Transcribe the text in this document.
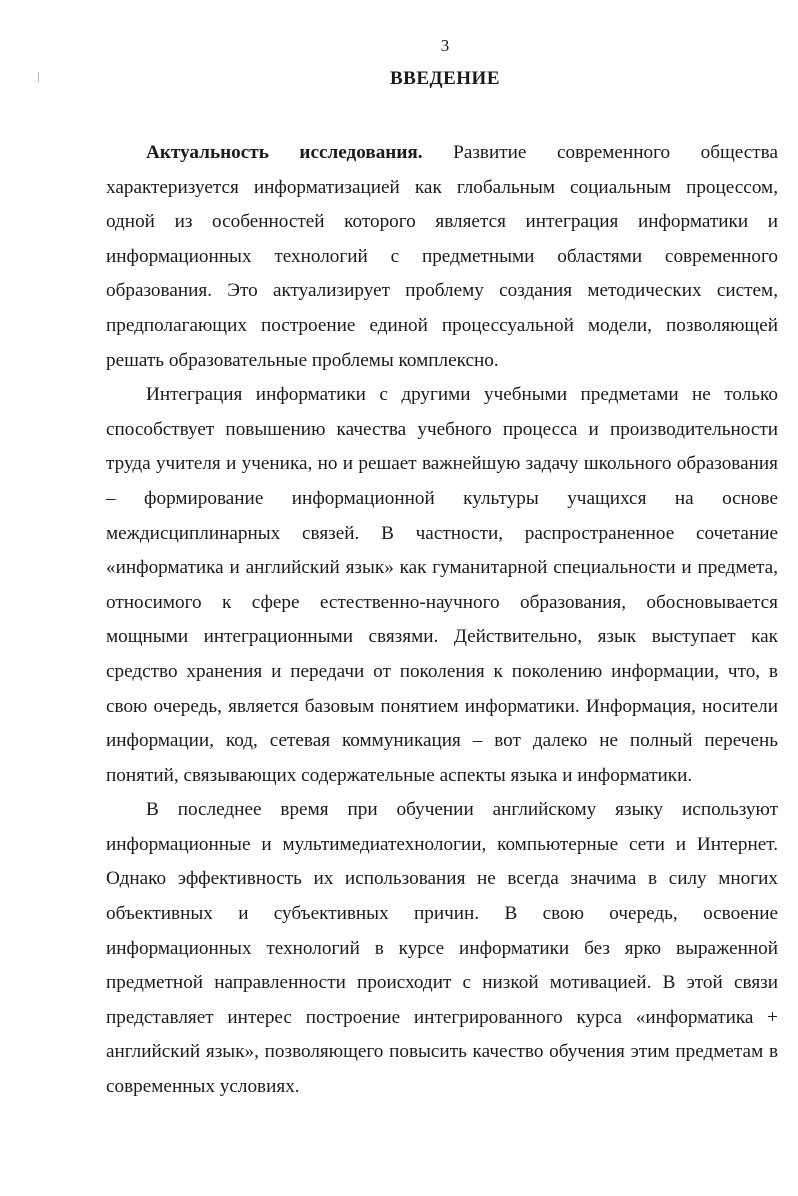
3
ВВЕДЕНИЕ

Актуальность исследования. Развитие современного общества характеризуется информатизацией как глобальным социальным процессом, одной из особенностей которого является интеграция информатики и информационных технологий с предметными областями современного образования. Это актуализирует проблему создания методических систем, предполагающих построение единой процессуальной модели, позволяющей решать образовательные проблемы комплексно.

Интеграция информатики с другими учебными предметами не только способствует повышению качества учебного процесса и производительности труда учителя и ученика, но и решает важнейшую задачу школьного образования – формирование информационной культуры учащихся на основе междисциплинарных связей. В частности, распространенное сочетание «информатика и английский язык» как гуманитарной специальности и предмета, относимого к сфере естественно-научного образования, обосновывается мощными интеграционными связями. Действительно, язык выступает как средство хранения и передачи от поколения к поколению информации, что, в свою очередь, является базовым понятием информатики. Информация, носители информации, код, сетевая коммуникация – вот далеко не полный перечень понятий, связывающих содержательные аспекты языка и информатики.

В последнее время при обучении английскому языку используют информационные и мультимедиатехнологии, компьютерные сети и Интернет. Однако эффективность их использования не всегда значима в силу многих объективных и субъективных причин. В свою очередь, освоение информационных технологий в курсе информатики без ярко выраженной предметной направленности происходит с низкой мотивацией. В этой связи представляет интерес построение интегрированного курса «информатика + английский язык», позволяющего повысить качество обучения этим предметам в современных условиях.
